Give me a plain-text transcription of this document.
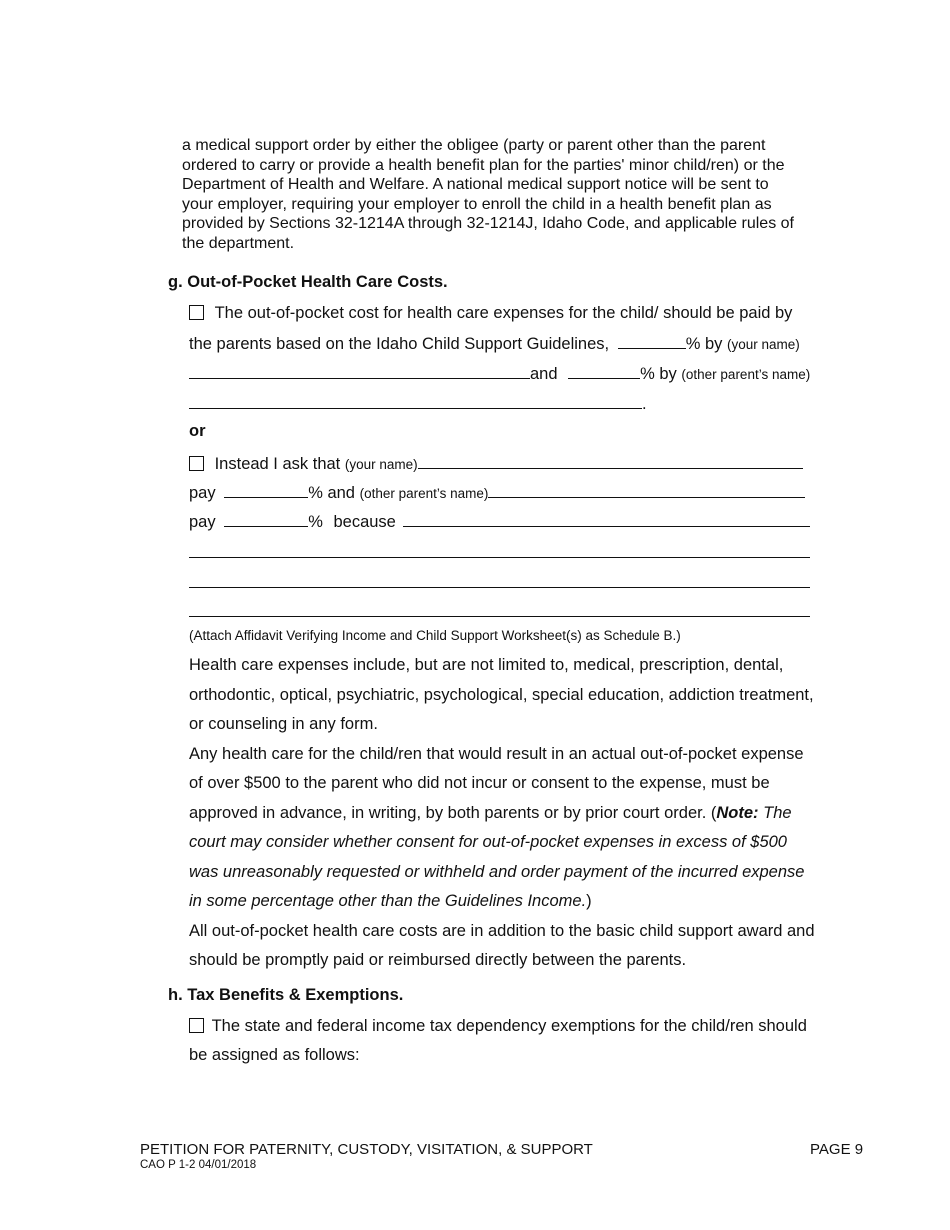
a medical support order by either the obligee (party or parent other than the parent
ordered to carry or provide a health benefit plan for the parties' minor child/ren) or the
Department of Health and Welfare. A national medical support notice will be sent to
your employer, requiring your employer to enroll the child in a health benefit plan as
provided by Sections 32-1214A through 32-1214J, Idaho Code, and applicable rules of
the department.
g. Out-of-Pocket Health Care Costs.
The out-of-pocket cost for health care expenses for the child/ should be paid by
the parents based on the Idaho Child Support Guidelines,	% by (your name)
and	% by (other parent’s name)
.
or
Instead I ask that (your name)
pay	% and (other parent’s name)
pay	% because
(Attach Affidavit Verifying Income and Child Support Worksheet(s) as Schedule B.)
Health care expenses include, but are not limited to, medical, prescription, dental,
orthodontic, optical, psychiatric, psychological, special education, addiction treatment,
or counseling in any form.
Any health care for the child/ren that would result in an actual out-of-pocket expense
of over $500 to the parent who did not incur or consent to the expense, must be
approved in advance, in writing, by both parents or by prior court order. (Note: The
court may consider whether consent for out-of-pocket expenses in excess of $500
was unreasonably requested or withheld and order payment of the incurred expense
in some percentage other than the Guidelines Income.)
All out-of-pocket health care costs are in addition to the basic child support award and
should be promptly paid or reimbursed directly between the parents.
h. Tax Benefits & Exemptions.
The state and federal income tax dependency exemptions for the child/ren should
be assigned as follows:
PETITION FOR PATERNITY, CUSTODY, VISITATION, & SUPPORT
CAO P 1-2 04/01/2018
PAGE 9
